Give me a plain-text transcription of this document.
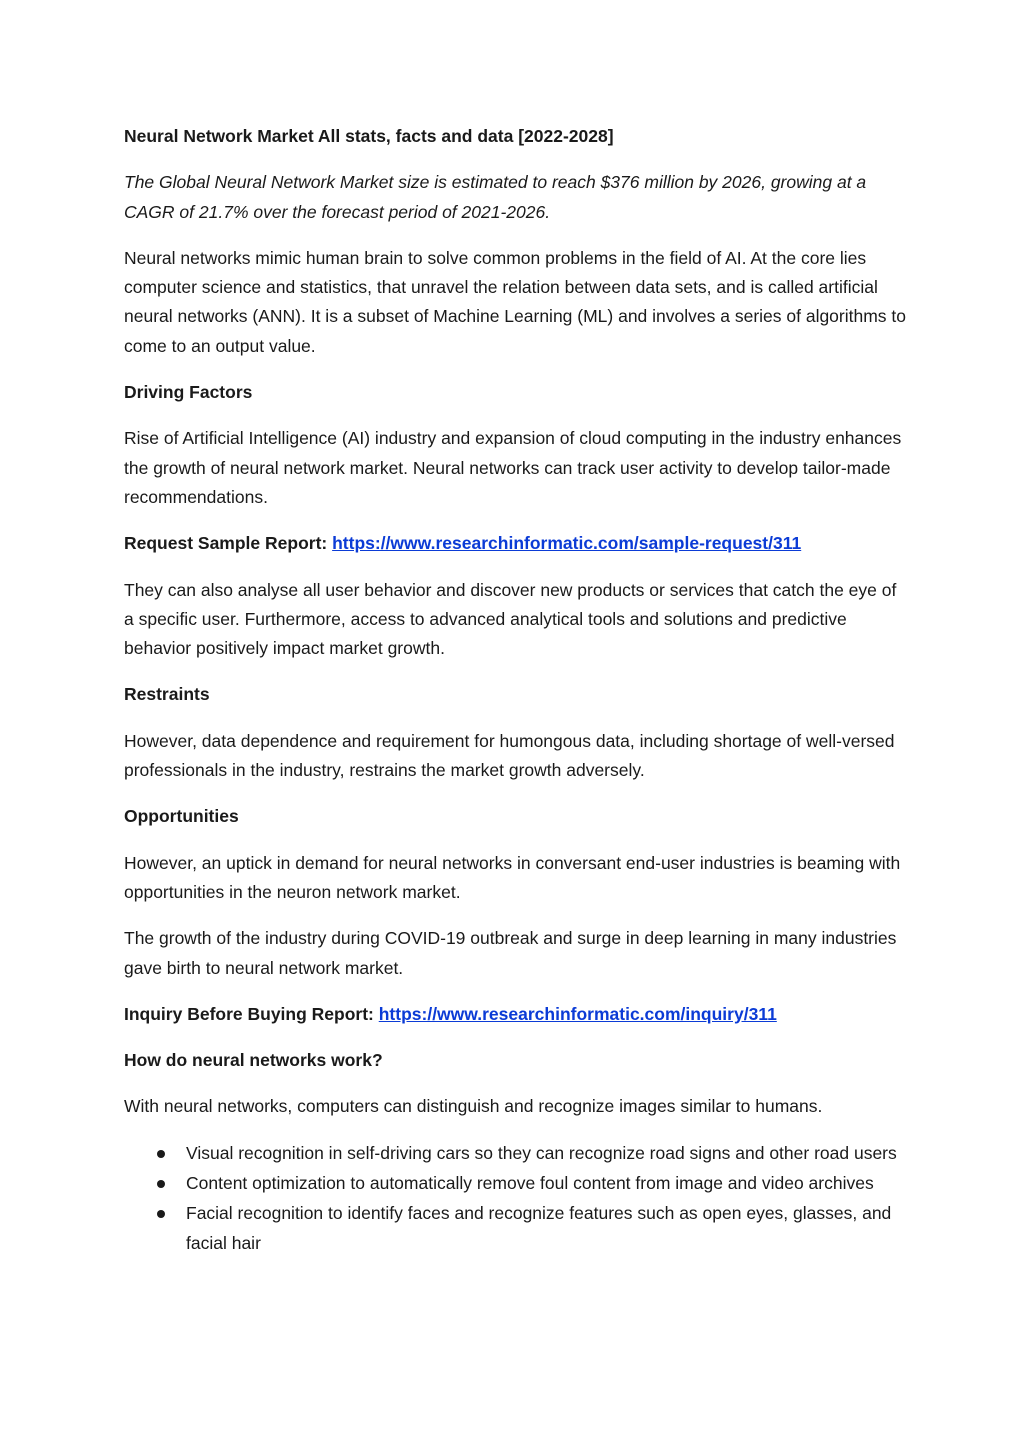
Neural Network Market All stats, facts and data [2022-2028]

The Global Neural Network Market size is estimated to reach $376 million by 2026, growing at a CAGR of 21.7% over the forecast period of 2021-2026.

Neural networks mimic human brain to solve common problems in the field of AI. At the core lies computer science and statistics, that unravel the relation between data sets, and is called artificial neural networks (ANN). It is a subset of Machine Learning (ML) and involves a series of algorithms to come to an output value.

Driving Factors

Rise of Artificial Intelligence (AI) industry and expansion of cloud computing in the industry enhances the growth of neural network market. Neural networks can track user activity to develop tailor-made recommendations.

Request Sample Report: https://www.researchinformatic.com/sample-request/311

They can also analyse all user behavior and discover new products or services that catch the eye of a specific user. Furthermore, access to advanced analytical tools and solutions and predictive behavior positively impact market growth.

Restraints

However, data dependence and requirement for humongous data, including shortage of well-versed professionals in the industry, restrains the market growth adversely.

Opportunities

However, an uptick in demand for neural networks in conversant end-user industries is beaming with opportunities in the neuron network market.

The growth of the industry during COVID-19 outbreak and surge in deep learning in many industries gave birth to neural network market.

Inquiry Before Buying Report: https://www.researchinformatic.com/inquiry/311

How do neural networks work?

With neural networks, computers can distinguish and recognize images similar to humans.

Visual recognition in self-driving cars so they can recognize road signs and other road users
Content optimization to automatically remove foul content from image and video archives
Facial recognition to identify faces and recognize features such as open eyes, glasses, and facial hair
